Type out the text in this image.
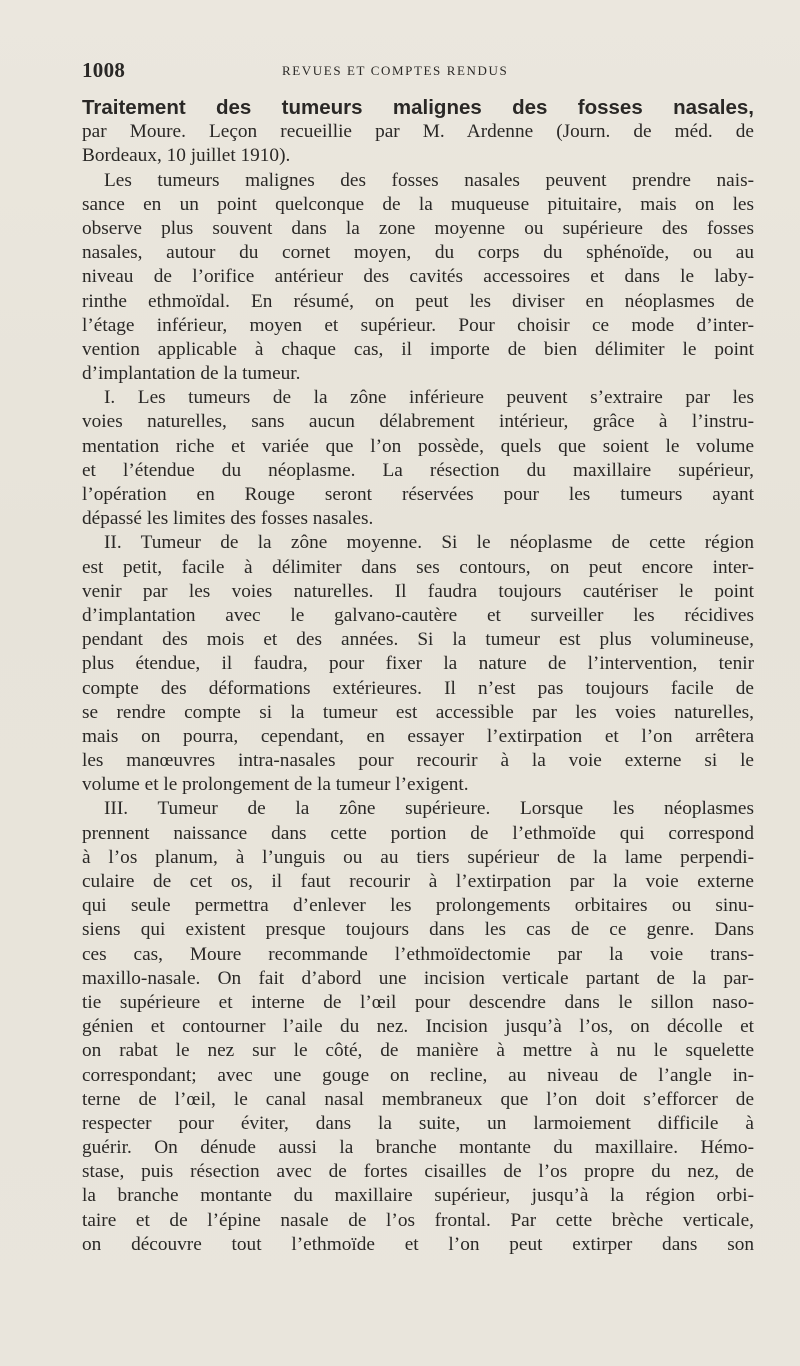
1008	REVUES ET COMPTES RENDUS
Traitement des tumeurs malignes des fosses nasales,
par Moure. Leçon recueillie par M. Ardenne (Journ. de méd. de
Bordeaux, 10 juillet 1910).
Les tumeurs malignes des fosses nasales peuvent prendre nais-
sance en un point quelconque de la muqueuse pituitaire, mais on les
observe plus souvent dans la zone moyenne ou supérieure des fosses
nasales, autour du cornet moyen, du corps du sphénoïde, ou au
niveau de l’orifice antérieur des cavités accessoires et dans le laby-
rinthe ethmoïdal. En résumé, on peut les diviser en néoplasmes de
l’étage inférieur, moyen et supérieur. Pour choisir ce mode d’inter-
vention applicable à chaque cas, il importe de bien délimiter le point
d’implantation de la tumeur.
I. Les tumeurs de la zône inférieure peuvent s’extraire par les
voies naturelles, sans aucun délabrement intérieur, grâce à l’instru-
mentation riche et variée que l’on possède, quels que soient le volume
et l’étendue du néoplasme. La résection du maxillaire supérieur,
l’opération en Rouge seront réservées pour les tumeurs ayant
dépassé les limites des fosses nasales.
II. Tumeur de la zône moyenne. Si le néoplasme de cette région
est petit, facile à délimiter dans ses contours, on peut encore inter-
venir par les voies naturelles. Il faudra toujours cautériser le point
d’implantation avec le galvano-cautère et surveiller les récidives
pendant des mois et des années. Si la tumeur est plus volumineuse,
plus étendue, il faudra, pour fixer la nature de l’intervention, tenir
compte des déformations extérieures. Il n’est pas toujours facile de
se rendre compte si la tumeur est accessible par les voies naturelles,
mais on pourra, cependant, en essayer l’extirpation et l’on arrêtera
les manœuvres intra-nasales pour recourir à la voie externe si le
volume et le prolongement de la tumeur l’exigent.
III. Tumeur de la zône supérieure. Lorsque les néoplasmes
prennent naissance dans cette portion de l’ethmoïde qui correspond
à l’os planum, à l’unguis ou au tiers supérieur de la lame perpendi-
culaire de cet os, il faut recourir à l’extirpation par la voie externe
qui seule permettra d’enlever les prolongements orbitaires ou sinu-
siens qui existent presque toujours dans les cas de ce genre. Dans
ces cas, Moure recommande l’ethmoïdectomie par la voie trans-
maxillo-nasale. On fait d’abord une incision verticale partant de la par-
tie supérieure et interne de l’œil pour descendre dans le sillon naso-
génien et contourner l’aile du nez. Incision jusqu’à l’os, on décolle et
on rabat le nez sur le côté, de manière à mettre à nu le squelette
correspondant; avec une gouge on recline, au niveau de l’angle in-
terne de l’œil, le canal nasal membraneux que l’on doit s’efforcer de
respecter pour éviter, dans la suite, un larmoiement difficile à
guérir. On dénude aussi la branche montante du maxillaire. Hémo-
stase, puis résection avec de fortes cisailles de l’os propre du nez, de
la branche montante du maxillaire supérieur, jusqu’à la région orbi-
taire et de l’épine nasale de l’os frontal. Par cette brèche verticale,
on découvre tout l’ethmoïde et l’on peut extirper dans son
